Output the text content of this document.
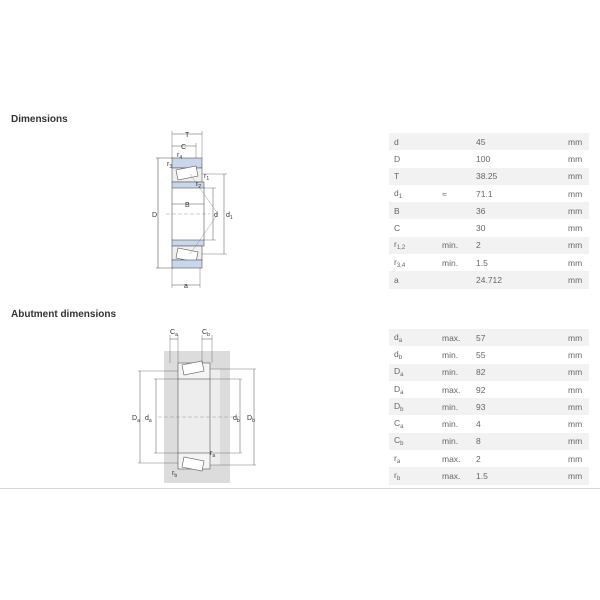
Dimensions
T
C
$r_4$
$r_3$
$r_1$
$r_2$
B
D	d $d_1$
a
d		45	mm
D		100	mm
T		38.25	mm
$d_1$	≈	71.1	mm
B		36	mm
C		30	mm
$r_{1,2}$	min.	2	mm
$r_{3,4}$	min.	1.5	mm
a		24.712	mm
Abutment dimensions
$C_a$	$C_b$
$D_a$ $d_a$	$d_b$ $D_b$
$r_a$
$r_b$
$d_a$	max.	57	mm
$d_b$	min.	55	mm
$D_a$	min.	82	mm
$D_a$	max.	92	mm
$D_b$	min.	93	mm
$C_a$	min.	4	mm
$C_b$	min.	8	mm
$r_a$	max.	2	mm
$r_b$	max.	1.5	mm
